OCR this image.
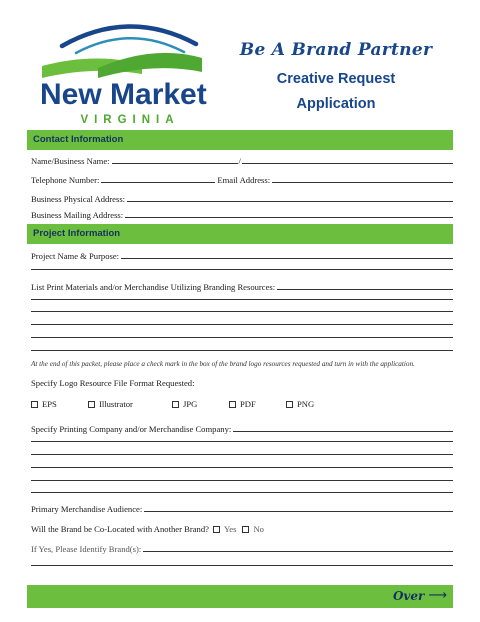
New Market
VIRGINIA
Be A Brand Partner
Creative Request
Application
Contact Information
Name/Business Name:	/
Telephone Number:	Email Address:
Business Physical Address:
Business Mailing Address:
Project Information
Project Name & Purpose:
List Print Materials and/or Merchandise Utilizing Branding Resources:
At the end of this packet, please place a check mark in the box of the brand logo resources requested and turn in with the application.
Specify Logo Resource File Format Requested:
EPS	Illustrator	JPG	PDF	PNG
Specify Printing Company and/or Merchandise Company:
Primary Merchandise Audience:
Will the Brand be Co-Located with Another Brand?	Yes No
If Yes, Please Identify Brand(s):
Over ⟶
